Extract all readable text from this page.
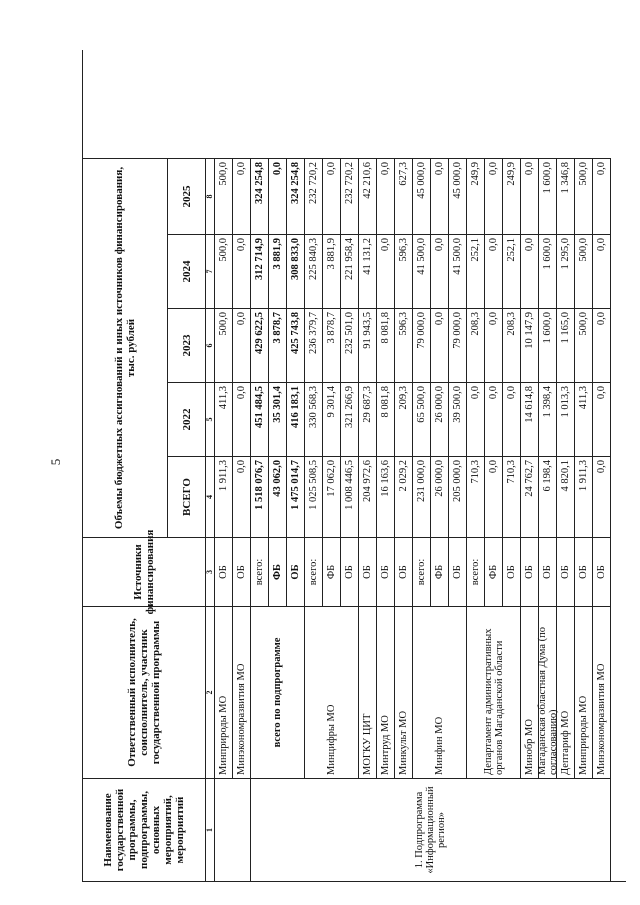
5
Наименование государственной программы, подпрограммы, основных мероприятий, мероприятий
Ответственный исполнитель, соисполнитель, участник государственной программы
Источники финансирования
Объемы бюджетных ассигнований и иных источников финансирования, тыс. рублей
ВСЕГО
2022
2023
2024
2025
1
2
3
4
5
6
7
8
1. Подпрограмма «Информационный регион»
Минприроды МО
ОБ
1 911,3
411,3
500,0
500,0
500,0
Минэкономразвития МО
ОБ
0,0
0,0
0,0
0,0
0,0
всего по подпрограмме
всего:
1 518 076,7
451 484,5
429 622,5
312 714,9
324 254,8
ФБ
43 062,0
35 301,4
3 878,7
3 881,9
0,0
ОБ
1 475 014,7
416 183,1
425 743,8
308 833,0
324 254,8
Минцифры МО
всего:
1 025 508,5
330 568,3
236 379,7
225 840,3
232 720,2
ФБ
17 062,0
9 301,4
3 878,7
3 881,9
0,0
ОБ
1 008 446,5
321 266,9
232 501,0
221 958,4
232 720,2
МОГКУ ЦИТ
ОБ
204 972,6
29 687,3
91 943,5
41 131,2
42 210,6
Минтруд МО
ОБ
16 163,6
8 081,8
8 081,8
0,0
0,0
Минкульт МО
ОБ
2 029,2
209,3
596,3
596,3
627,3
Минфин МО
всего:
231 000,0
65 500,0
79 000,0
41 500,0
45 000,0
ФБ
26 000,0
26 000,0
0,0
0,0
0,0
ОБ
205 000,0
39 500,0
79 000,0
41 500,0
45 000,0
Департамент административных органов Магаданской области
всего:
710,3
0,0
208,3
252,1
249,9
ФБ
0,0
0,0
0,0
0,0
0,0
ОБ
710,3
0,0
208,3
252,1
249,9
Минобр МО
ОБ
24 762,7
14 614,8
10 147,9
0,0
0,0
Магаданская областная Дума (по согласованию)
ОБ
6 198,4
1 398,4
1 600,0
1 600,0
1 600,0
Дептариф МО
ОБ
4 820,1
1 013,3
1 165,0
1 295,0
1 346,8
Минприроды МО
ОБ
1 911,3
411,3
500,0
500,0
500,0
Минэкономразвития МО
ОБ
0,0
0,0
0,0
0,0
0,0
